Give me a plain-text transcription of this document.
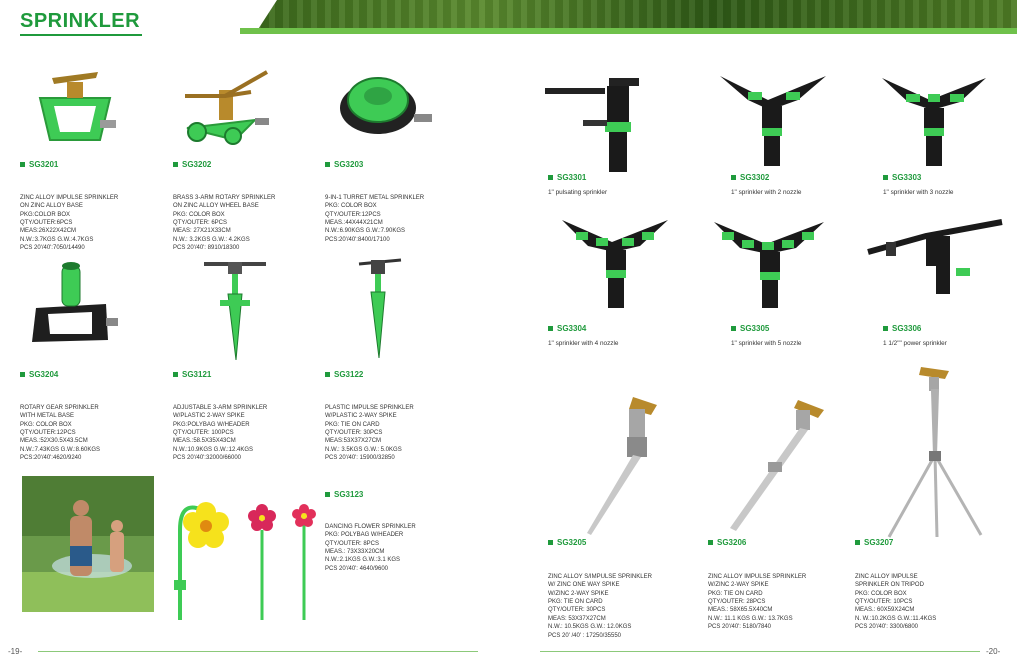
SPRINKLER
SG3201

ZINC ALLOY IMPULSE SPRINKLER
ON ZINC ALLOY BASE
PKG:COLOR BOX
QTY/OUTER:6PCS
MEAS:26X22X42CM
N.W.:3.7KGS G.W.:4.7KGS
PCS 20'/40':7050/14490

SG3202

BRASS 3-ARM ROTARY SPRINKLER
ON ZINC ALLOY WHEEL BASE
PKG: COLOR BOX
QTY/OUTER: 6PCS
MEAS: 27X21X33CM
N.W.: 3.2KGS G.W.: 4.2KGS
PCS 20'/40': 8910/18300

SG3203

9-IN-1 TURRET METAL SPRINKLER
PKG: COLOR BOX
QTY/OUTER:12PCS
MEAS.:44X44X21CM
N.W.:6.90KGS G.W.:7.90KGS
PCS:20'/40':8400/17100

SG3204

ROTARY GEAR SPRINKLER
WITH METAL BASE
PKG: COLOR BOX
QTY/OUTER:12PCS
MEAS.:52X30.5X43.5CM
N.W.:7.43KGS G.W.:8.60KGS
PCS:20'/40':4620/9240

SG3121

ADJUSTABLE 3-ARM SPRINKLER
W/PLASTIC 2-WAY SPIKE
PKG:POLYBAG W/HEADER
QTY/OUTER: 100PCS
MEAS.:58.5X35X43CM
N.W.:10.9KGS G.W.:12.4KGS
PCS 20'/40':32000/66000

SG3122

PLASTIC IMPULSE SPRINKLER
W/PLASTIC 2-WAY SPIKE
PKG: TIE ON CARD
QTY/OUTER: 30PCS
MEAS:53X37X27CM
N.W.: 3.5KGS G.W.: 5.0KGS
PCS 20'/40': 15900/32850

SG3123

DANCING FLOWER SPRINKLER
PKG: POLYBAG W/HEADER
QTY/OUTER: 8PCS
MEAS.: 73X33X20CM
N.W.:2.1KGS G.W.:3.1 KGS
PCS 20'/40': 4640/9600

SG3301
1" pulsating sprinkler
SG3302
1" sprinkler with 2 nozzle
SG3303
1" sprinkler with 3 nozzle
SG3304
1" sprinkler with 4 nozzle
SG3305
1" sprinkler with 5 nozzle
SG3306
1 1/2"" power sprinkler
SG3205

ZINC ALLOY S/IMPULSE SPRINKLER
W/ ZINC ONE WAY SPIKE
W/ZINC 2-WAY SPIKE
PKG: TIE ON CARD
QTY/OUTER: 30PCS
MEAS: 53X37X27CM
N.W.: 10.5KGS G.W.: 12.0KGS
PCS 20' /40' : 17250/35550

SG3206

ZINC ALLOY IMPULSE SPRINKLER
W/ZINC 2-WAY SPIKE
PKG: TIE ON CARD
QTY/OUTER: 28PCS
MEAS.: 58X65.5X40CM
N.W.: 11.1 KGS G.W.: 13.7KGS
PCS 20'/40': 5180/7840

SG3207

ZINC ALLOY IMPULSE
SPRINKLER ON TRIPOD
PKG: COLOR BOX
QTY/OUTER: 10PCS
MEAS.: 60X59X24CM
N. W.:10.2KGS G.W.:11.4KGS
PCS 20'/40': 3300/6800

-19-	-20-
